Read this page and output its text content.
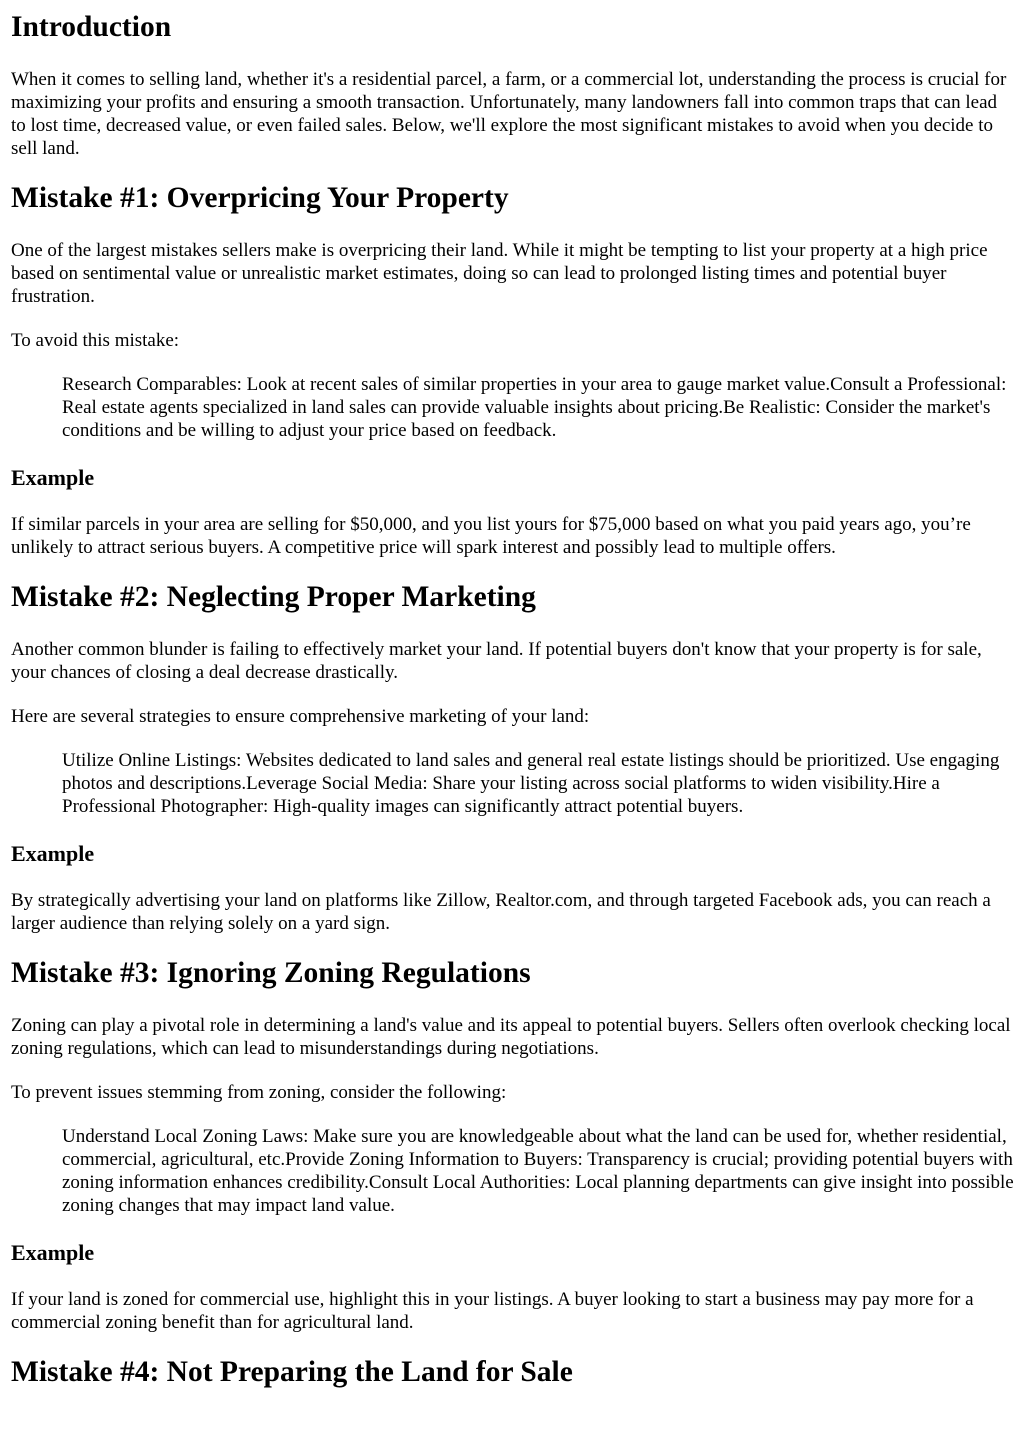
Introduction

When it comes to selling land, whether it's a residential parcel, a farm, or a commercial lot, understanding the process is crucial for maximizing your profits and ensuring a smooth transaction. Unfortunately, many landowners fall into common traps that can lead to lost time, decreased value, or even failed sales. Below, we'll explore the most significant mistakes to avoid when you decide to sell land.

Mistake #1: Overpricing Your Property

One of the largest mistakes sellers make is overpricing their land. While it might be tempting to list your property at a high price based on sentimental value or unrealistic market estimates, doing so can lead to prolonged listing times and potential buyer frustration.

To avoid this mistake:

Research Comparables: Look at recent sales of similar properties in your area to gauge market value.Consult a Professional: Real estate agents specialized in land sales can provide valuable insights about pricing.Be Realistic: Consider the market's conditions and be willing to adjust your price based on feedback.
Example

If similar parcels in your area are selling for $50,000, and you list yours for $75,000 based on what you paid years ago, you’re unlikely to attract serious buyers. A competitive price will spark interest and possibly lead to multiple offers.

Mistake #2: Neglecting Proper Marketing

Another common blunder is failing to effectively market your land. If potential buyers don't know that your property is for sale, your chances of closing a deal decrease drastically.

Here are several strategies to ensure comprehensive marketing of your land:

Utilize Online Listings: Websites dedicated to land sales and general real estate listings should be prioritized. Use engaging photos and descriptions.Leverage Social Media: Share your listing across social platforms to widen visibility.Hire a Professional Photographer: High-quality images can significantly attract potential buyers.
Example

By strategically advertising your land on platforms like Zillow, Realtor.com, and through targeted Facebook ads, you can reach a larger audience than relying solely on a yard sign.

Mistake #3: Ignoring Zoning Regulations

Zoning can play a pivotal role in determining a land's value and its appeal to potential buyers. Sellers often overlook checking local zoning regulations, which can lead to misunderstandings during negotiations.

To prevent issues stemming from zoning, consider the following:

Understand Local Zoning Laws: Make sure you are knowledgeable about what the land can be used for, whether residential, commercial, agricultural, etc.Provide Zoning Information to Buyers: Transparency is crucial; providing potential buyers with zoning information enhances credibility.Consult Local Authorities: Local planning departments can give insight into possible zoning changes that may impact land value.
Example

If your land is zoned for commercial use, highlight this in your listings. A buyer looking to start a business may pay more for a commercial zoning benefit than for agricultural land.

Mistake #4: Not Preparing the Land for Sale
